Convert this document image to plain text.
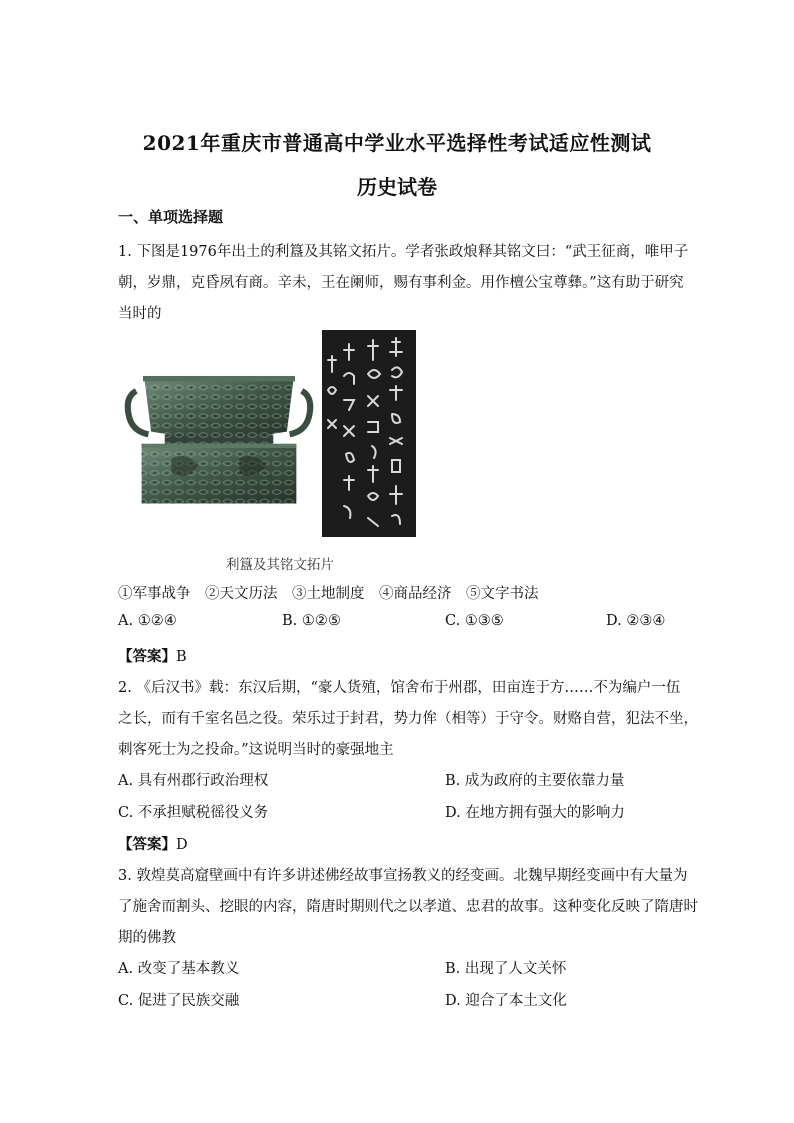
2021年重庆市普通高中学业水平选择性考试适应性测试
历史试卷
一、单项选择题
1. 下图是1976年出土的利簋及其铭文拓片。学者张政烺释其铭文曰：“武王征商，唯甲子
朝，岁鼎，克昏夙有商。辛未，王在阑师，赐有事利金。用作檀公宝尊彝。”这有助于研究
当时的
利簋及其铭文拓片
①军事战争　②天文历法　③土地制度　④商品经济　⑤文字书法
A. ①②④	B. ①②⑤	C. ①③⑤	D. ②③④
【答案】B
2. 《后汉书》载：东汉后期，“豪人货殖，馆舍布于州郡，田亩连于方……不为编户一伍
之长，而有千室名邑之役。荣乐过于封君，势力侔（相等）于守令。财赂自营，犯法不坐，
刺客死士为之投命。”这说明当时的豪强地主
A. 具有州郡行政治理权	B. 成为政府的主要依靠力量
C. 不承担赋税徭役义务	D. 在地方拥有强大的影响力
【答案】D
3. 敦煌莫高窟壁画中有许多讲述佛经故事宣扬教义的经变画。北魏早期经变画中有大量为
了施舍而割头、挖眼的内容，隋唐时期则代之以孝道、忠君的故事。这种变化反映了隋唐时
期的佛教
A. 改变了基本教义	B. 出现了人文关怀
C. 促进了民族交融	D. 迎合了本土文化
